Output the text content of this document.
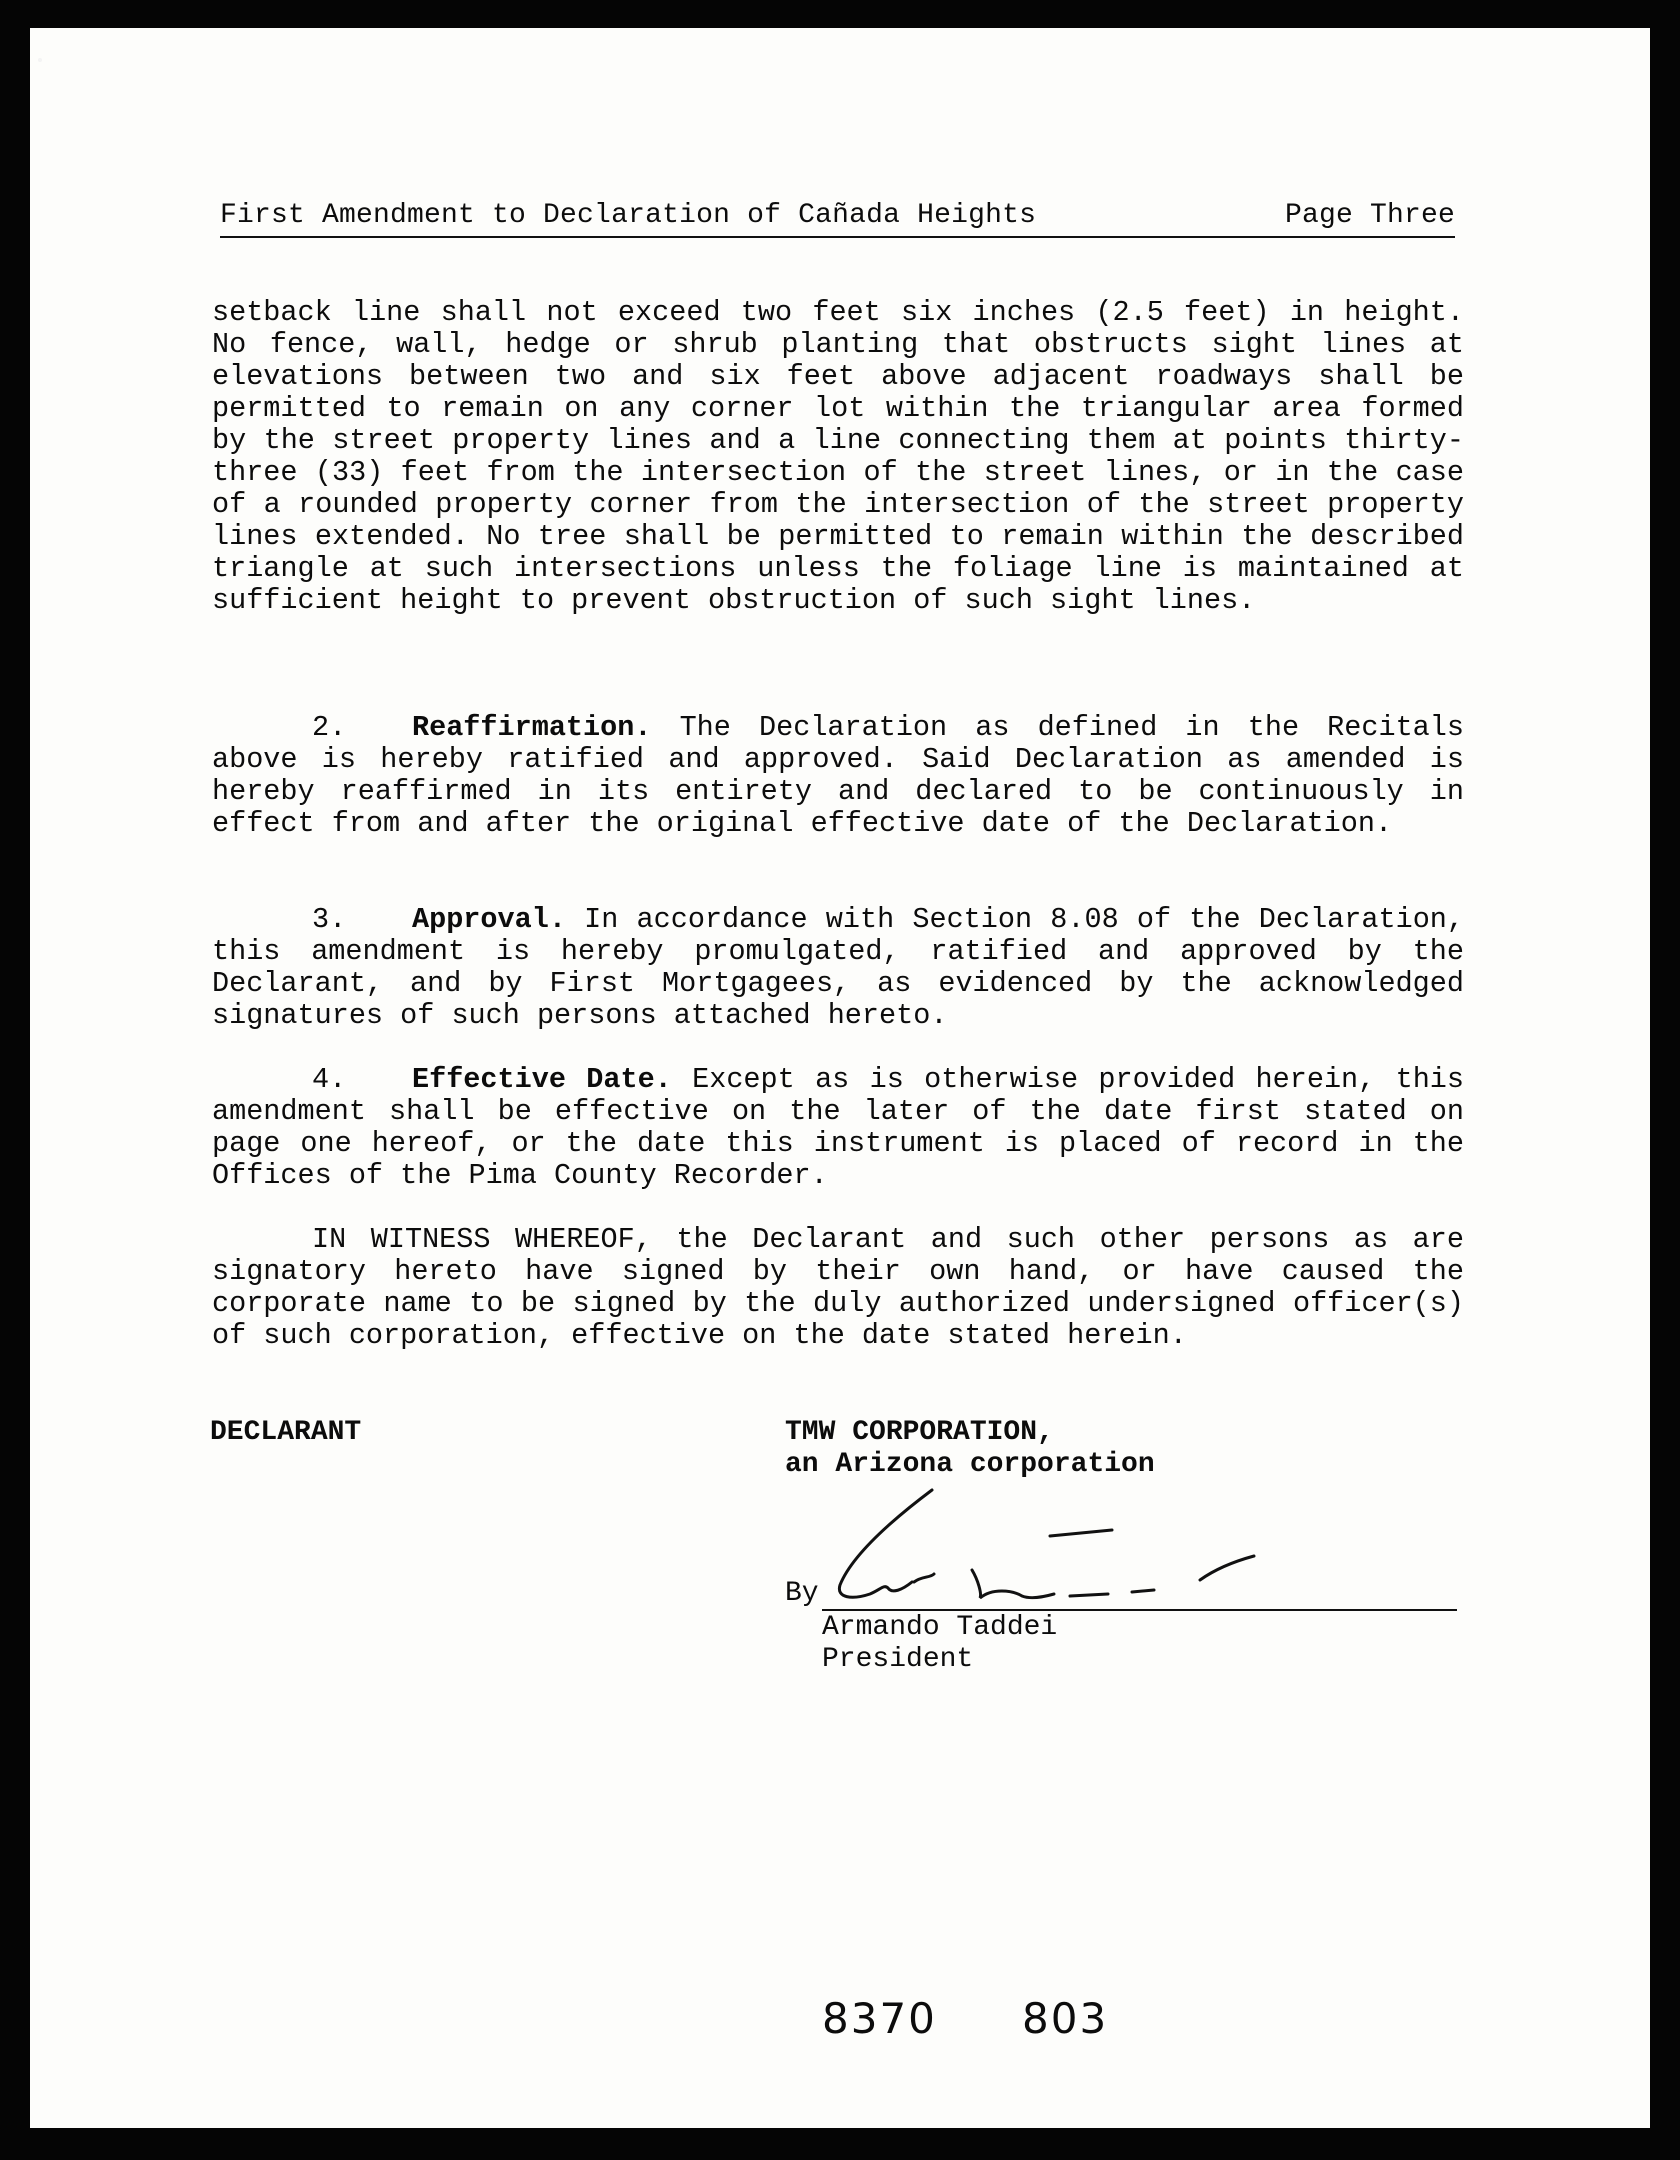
First Amendment to Declaration of Cañada Heights	Page Three

setback line shall not exceed two feet six inches (2.5 feet) in height. No fence, wall, hedge or shrub planting that obstructs sight lines at elevations between two and six feet above adjacent roadways shall be permitted to remain on any corner lot within the triangular area formed by the street property lines and a line connecting them at points thirty-three (33) feet from the intersection of the street lines, or in the case of a rounded property corner from the intersection of the street property lines extended. No tree shall be permitted to remain within the described triangle at such intersections unless the foliage line is maintained at sufficient height to prevent obstruction of such sight lines.

2. Reaffirmation. The Declaration as defined in the Recitals above is hereby ratified and approved. Said Declaration as amended is hereby reaffirmed in its entirety and declared to be continuously in effect from and after the original effective date of the Declaration.

3. Approval. In accordance with Section 8.08 of the Declaration, this amendment is hereby promulgated, ratified and approved by the Declarant, and by First Mortgagees, as evidenced by the acknowledged signatures of such persons attached hereto.

4. Effective Date. Except as is otherwise provided herein, this amendment shall be effective on the later of the date first stated on page one hereof, or the date this instrument is placed of record in the Offices of the Pima County Recorder.

IN WITNESS WHEREOF, the Declarant and such other persons as are signatory hereto have signed by their own hand, or have caused the corporate name to be signed by the duly authorized undersigned officer(s) of such corporation, effective on the date stated herein.

DECLARANT	TMW CORPORATION,
an Arizona corporation
By
Armando Taddei
President
8370 803
